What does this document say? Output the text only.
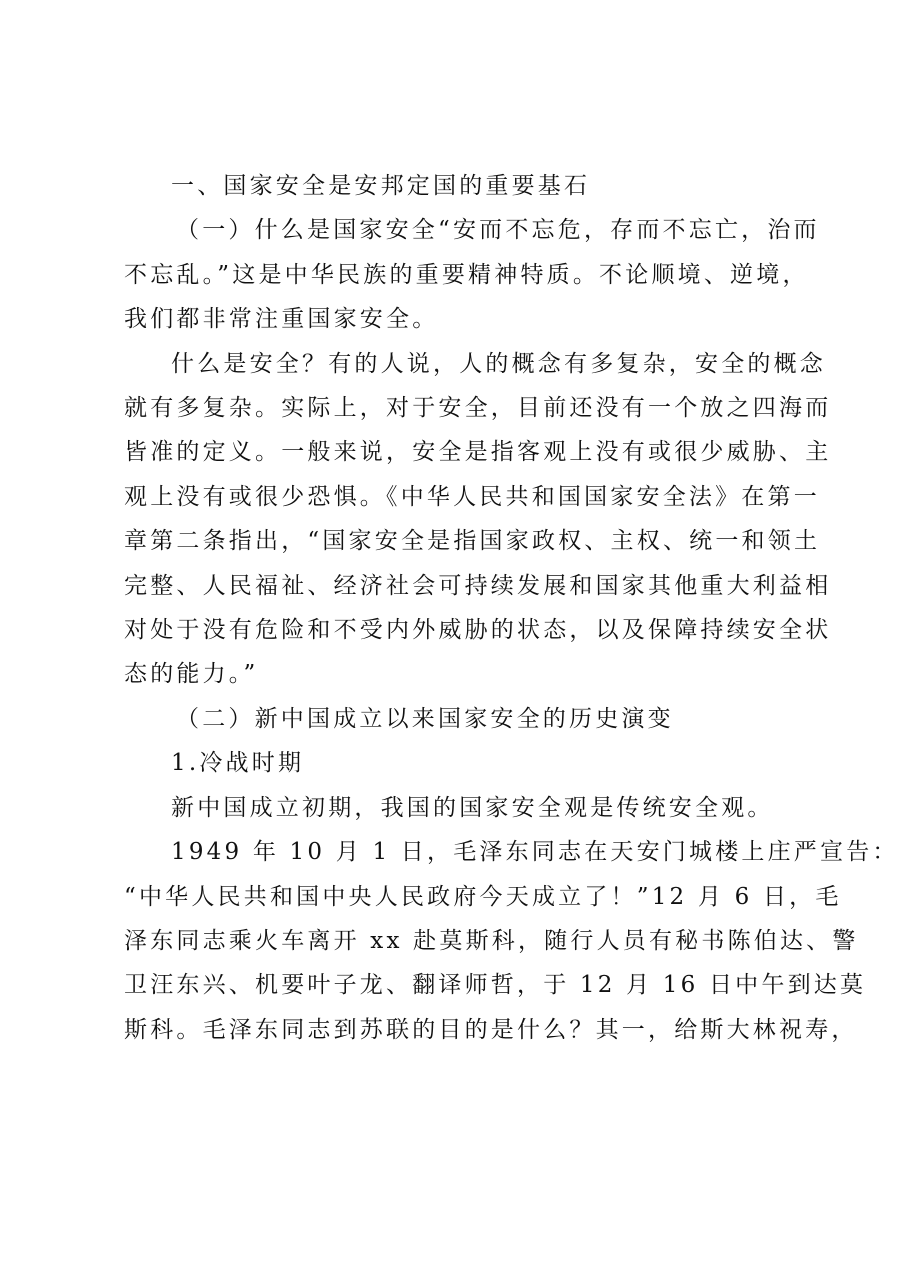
一、国家安全是安邦定国的重要基石

（一）什么是国家安全“安而不忘危，存而不忘亡，治而

不忘乱。”这是中华民族的重要精神特质。不论顺境、逆境，

我们都非常注重国家安全。

什么是安全？有的人说，人的概念有多复杂，安全的概念

就有多复杂。实际上，对于安全，目前还没有一个放之四海而

皆准的定义。一般来说，安全是指客观上没有或很少威胁、主

观上没有或很少恐惧。《中华人民共和国国家安全法》在第一

章第二条指出，“国家安全是指国家政权、主权、统一和领土

完整、人民福祉、经济社会可持续发展和国家其他重大利益相

对处于没有危险和不受内外威胁的状态，以及保障持续安全状

态的能力。”

（二）新中国成立以来国家安全的历史演变

1.冷战时期

新中国成立初期，我国的国家安全观是传统安全观。

1949 年 10 月 1 日，毛泽东同志在天安门城楼上庄严宣告：

“中华人民共和国中央人民政府今天成立了！”12 月 6 日，毛

泽东同志乘火车离开 xx 赴莫斯科，随行人员有秘书陈伯达、警

卫汪东兴、机要叶子龙、翻译师哲，于 12 月 16 日中午到达莫

斯科。毛泽东同志到苏联的目的是什么？其一，给斯大林祝寿，
